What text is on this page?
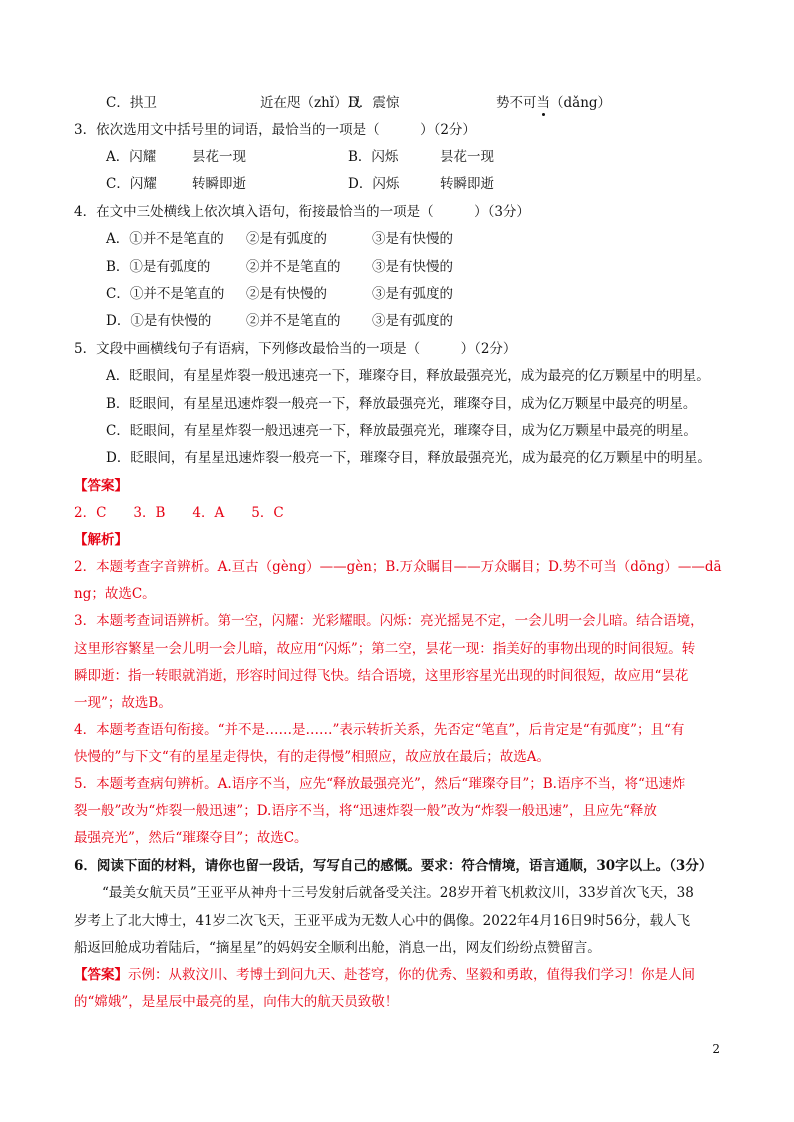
C．拱卫	近在咫（zhǐ）尺
D．震惊	势不可当（dǎng）
3．依次选用文中括号里的词语，最恰当的一项是（　　　）（2分）
A．闪耀	昙花一现	B．闪烁	昙花一现
C．闪耀	转瞬即逝	D．闪烁	转瞬即逝
4．在文中三处横线上依次填入语句，衔接最恰当的一项是（　　　）（3分）
A．①并不是笔直的 ②是有弧度的	③是有快慢的
B．①是有弧度的	②并不是笔直的 ③是有快慢的
C．①并不是笔直的 ②是有快慢的	③是有弧度的
D．①是有快慢的	②并不是笔直的 ③是有弧度的
5．文段中画横线句子有语病，下列修改最恰当的一项是（　　　）（2分）
A．眨眼间，有星星炸裂一般迅速亮一下，璀璨夺目，释放最强亮光，成为最亮的亿万颗星中的明星。
B．眨眼间，有星星迅速炸裂一般亮一下，释放最强亮光，璀璨夺目，成为亿万颗星中最亮的明星。
C．眨眼间，有星星炸裂一般迅速亮一下，释放最强亮光，璀璨夺目，成为亿万颗星中最亮的明星。
D．眨眼间，有星星迅速炸裂一般亮一下，璀璨夺目，释放最强亮光，成为最亮的亿万颗星中的明星。
【答案】
2．C　　3．B　　4．A　　5．C
【解析】
2．本题考查字音辨析。A.亘古（gèng）——gèn；B.万众瞩目——万众瞩目；D.势不可当（dōng）——dā
ng；故选C。
3．本题考查词语辨析。第一空，闪耀：光彩耀眼。闪烁：亮光摇晃不定，一会儿明一会儿暗。结合语境，
这里形容繁星一会儿明一会儿暗，故应用“闪烁”；第二空，昙花一现：指美好的事物出现的时间很短。转
瞬即逝：指一转眼就消逝，形容时间过得飞快。结合语境，这里形容星光出现的时间很短，故应用“昙花
一现”；故选B。
4．本题考查语句衔接。“并不是……是……”表示转折关系，先否定“笔直”，后肯定是“有弧度”；且“有
快慢的”与下文“有的星星走得快，有的走得慢”相照应，故应放在最后；故选A。
5．本题考查病句辨析。A.语序不当，应先“释放最强亮光”，然后“璀璨夺目”；B.语序不当，将“迅速炸
裂一般”改为“炸裂一般迅速”；D.语序不当，将“迅速炸裂一般”改为“炸裂一般迅速”，且应先“释放
最强亮光”，然后“璀璨夺目”；故选C。
6．阅读下面的材料，请你也留一段话，写写自己的感慨。要求：符合情境，语言通顺，30字以上。（3分）
“最美女航天员”王亚平从神舟十三号发射后就备受关注。28岁开着飞机救汶川，33岁首次飞天，38
岁考上了北大博士，41岁二次飞天，王亚平成为无数人心中的偶像。2022年4月16日9时56分，载人飞
船返回舱成功着陆后，“摘星星”的妈妈安全顺利出舱，消息一出，网友们纷纷点赞留言。
【答案】示例：从救汶川、考博士到问九天、赴苍穹，你的优秀、坚毅和勇敢，值得我们学习！你是人间
的“嫦娥”，是星辰中最亮的星，向伟大的航天员致敬！
2
